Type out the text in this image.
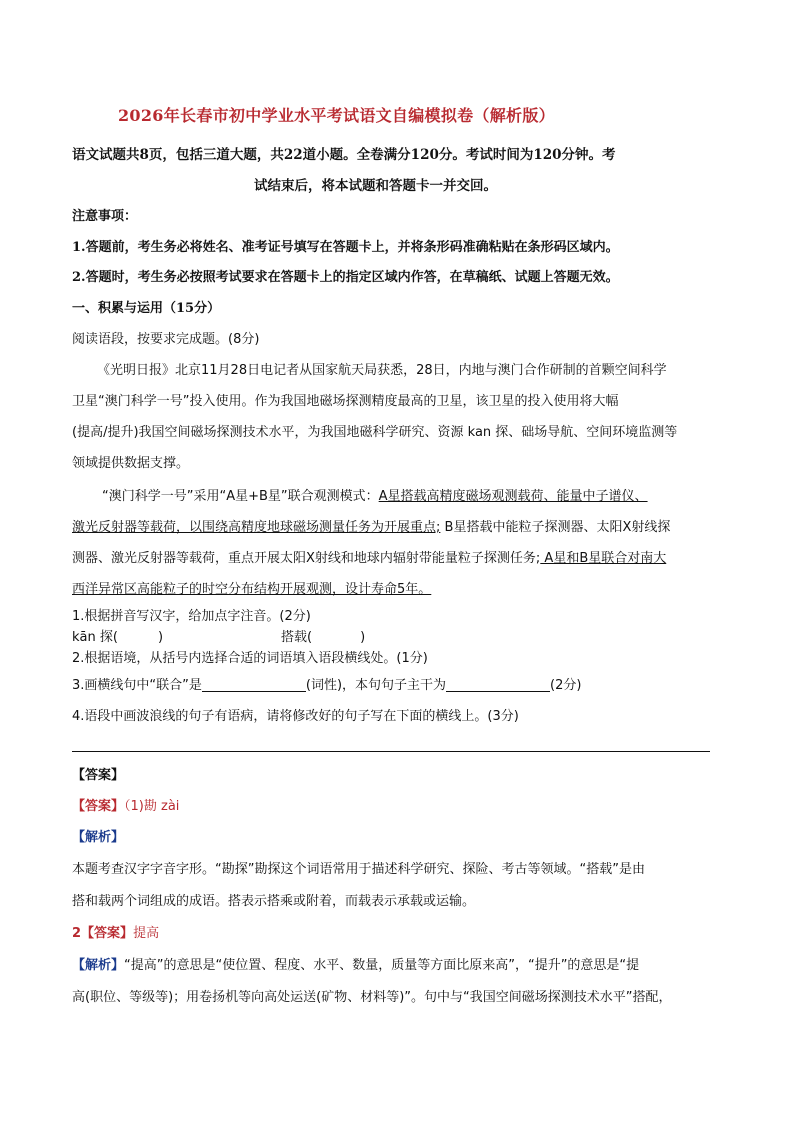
2026年长春市初中学业水平考试语文自编模拟卷（解析版）
语文试题共8页，包括三道大题，共22道小题。全卷满分120分。考试时间为120分钟。考
试结束后，将本试题和答题卡一并交回。
注意事项：
1.答题前，考生务必将姓名、准考证号填写在答题卡上，并将条形码准确粘贴在条形码区域内。
2.答题时，考生务必按照考试要求在答题卡上的指定区域内作答，在草稿纸、试题上答题无效。
一、积累与运用（15分）
阅读语段，按要求完成题。(8分)
《光明日报》北京11月28日电记者从国家航天局获悉，28日，内地与澳门合作研制的首颗空间科学
卫星“澳门科学一号”投入使用。作为我国地磁场探测精度最高的卫星，该卫星的投入使用将大幅
(提高/提升)我国空间磁场探测技术水平，为我国地磁科学研究、资源 kan 探、础场导航、空间环境监测等
领域提供数据支撑。
“澳门科学一号”采用“A星+B星”联合观测模式：A星搭载高精度磁场观测载荷、能量中子谱仪、
激光反射器等载荷，以围绕高精度地球磁场测量任务为开展重点; B星搭载中能粒子探测器、太阳X射线探
测器、激光反射器等载荷，重点开展太阳X射线和地球内辐射带能量粒子探测任务; A星和B星联合对南大
西洋异常区高能粒子的时空分布结构开展观测，设计寿命5年。
1.根据拼音写汉字，给加点字注音。(2分)
kān 探(	)	搭载(	)
2.根据语境，从括号内选择合适的词语填入语段横线处。(1分)
3.画横线句中“联合”是	(词性)，本句句子主干为	(2分)
4.语段中画波浪线的句子有语病，请将修改好的句子写在下面的横线上。(3分)
【答案】
【答案】（1)勘 zài
【解析】
本题考查汉字字音字形。“勘探”勘探这个词语常用于描述科学研究、探险、考古等领域。“搭载”是由
搭和载两个词组成的成语。搭表示搭乘或附着，而载表示承载或运输。
2【答案】提高
【解析】“提高”的意思是“使位置、程度、水平、数量，质量等方面比原来高”，“提升”的意思是“提
高(职位、等级等)；用卷扬机等向高处运送(矿物、材料等)”。句中与“我国空间磁场探测技术水平”搭配，
